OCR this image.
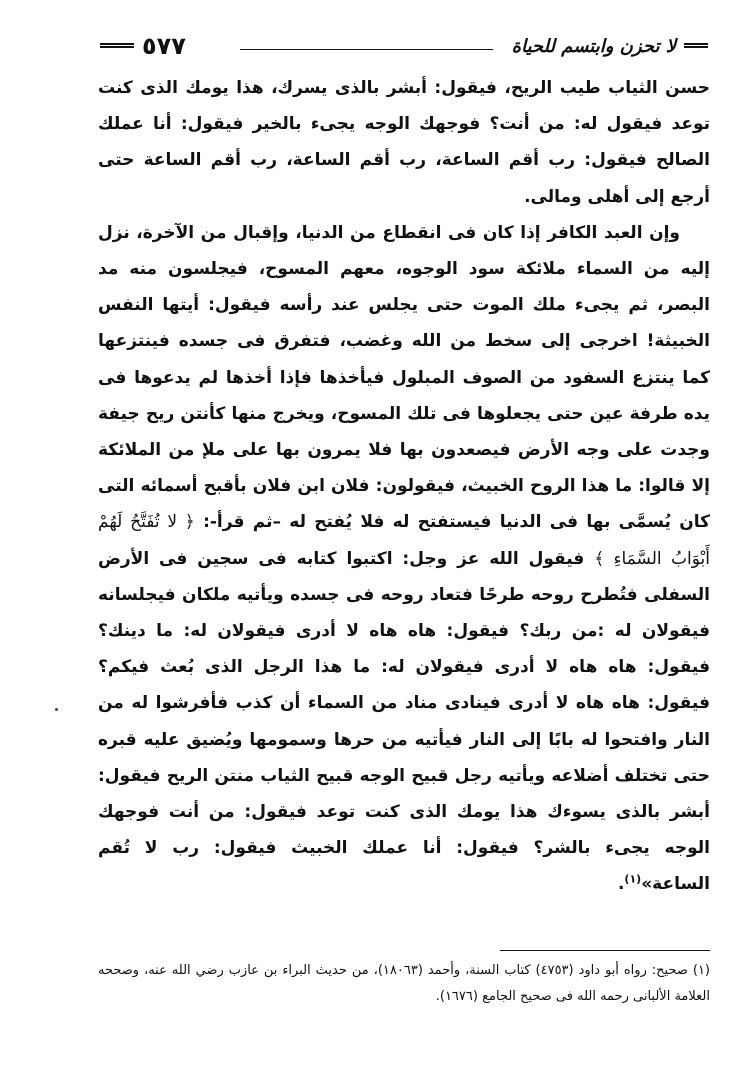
٥٧٧	لا تحزن وابتسم للحياة

حسن الثياب طيب الريح، فيقول: أبشر بالذى يسرك، هذا يومك الذى كنت توعد فيقول له: من أنت؟ فوجهك الوجه يجىء بالخير فيقول: أنا عملك الصالح فيقول: رب أقم الساعة، رب أقم الساعة، رب أقم الساعة حتى أرجع إلى أهلى ومالى.

وإن العبد الكافر إذا كان فى انقطاع من الدنيا، وإقبال من الآخرة، نزل إليه من السماء ملائكة سود الوجوه، معهم المسوح، فيجلسون منه مد البصر، ثم يجىء ملك الموت حتى يجلس عند رأسه فيقول: أيتها النفس الخبيثة! اخرجى إلى سخط من الله وغضب، فتفرق فى جسده فينتزعها كما ينتزع السفود من الصوف المبلول فيأخذها فإذا أخذها لم يدعوها فى يده طرفة عين حتى يجعلوها فى تلك المسوح، ويخرج منها كأنتن ريح جيفة وجدت على وجه الأرض فيصعدون بها فلا يمرون بها على ملإ من الملائكة إلا قالوا: ما هذا الروح الخبيث، فيقولون: فلان ابن فلان بأقبح أسمائه التى كان يُسمَّى بها فى الدنيا فيستفتح له فلا يُفتح له –ثم قرأ-: ﴿ لا تُفَتَّحُ لَهُمْ أَبْوَابُ السَّمَاءِ ﴾ فيقول الله عز وجل: اكتبوا كتابه فى سجين فى الأرض السفلى فتُطرح روحه طرحًا فتعاد روحه فى جسده ويأتيه ملكان فيجلسانه فيقولان له :من ربك؟ فيقول: هاه هاه لا أدرى فيقولان له: ما دينك؟ فيقول: هاه هاه لا أدرى فيقولان له: ما هذا الرجل الذى بُعث فيكم؟ فيقول: هاه هاه لا أدرى فينادى مناد من السماء أن كذب فأفرشوا له من النار وافتحوا له بابًا إلى النار فيأتيه من حرها وسمومها ويُضيق عليه قبره حتى تختلف أضلاعه ويأتيه رجل قبيح الوجه قبيح الثياب منتن الريح فيقول: أبشر بالذى يسوءك هذا يومك الذى كنت توعد فيقول: من أنت فوجهك الوجه يجىء بالشر؟ فيقول: أنا عملك الخبيث فيقول: رب لا تُقم الساعة»$^{(١)}$.

(١) صحيح: رواه أبو داود (٤٧٥٣) كتاب السنة، وأحمد (١٨٠٦٣)، من حديث البراء بن عازب رضي الله عنه، وصححه العلامة الألبانى رحمه الله فى صحيح الجامع (١٦٧٦).
